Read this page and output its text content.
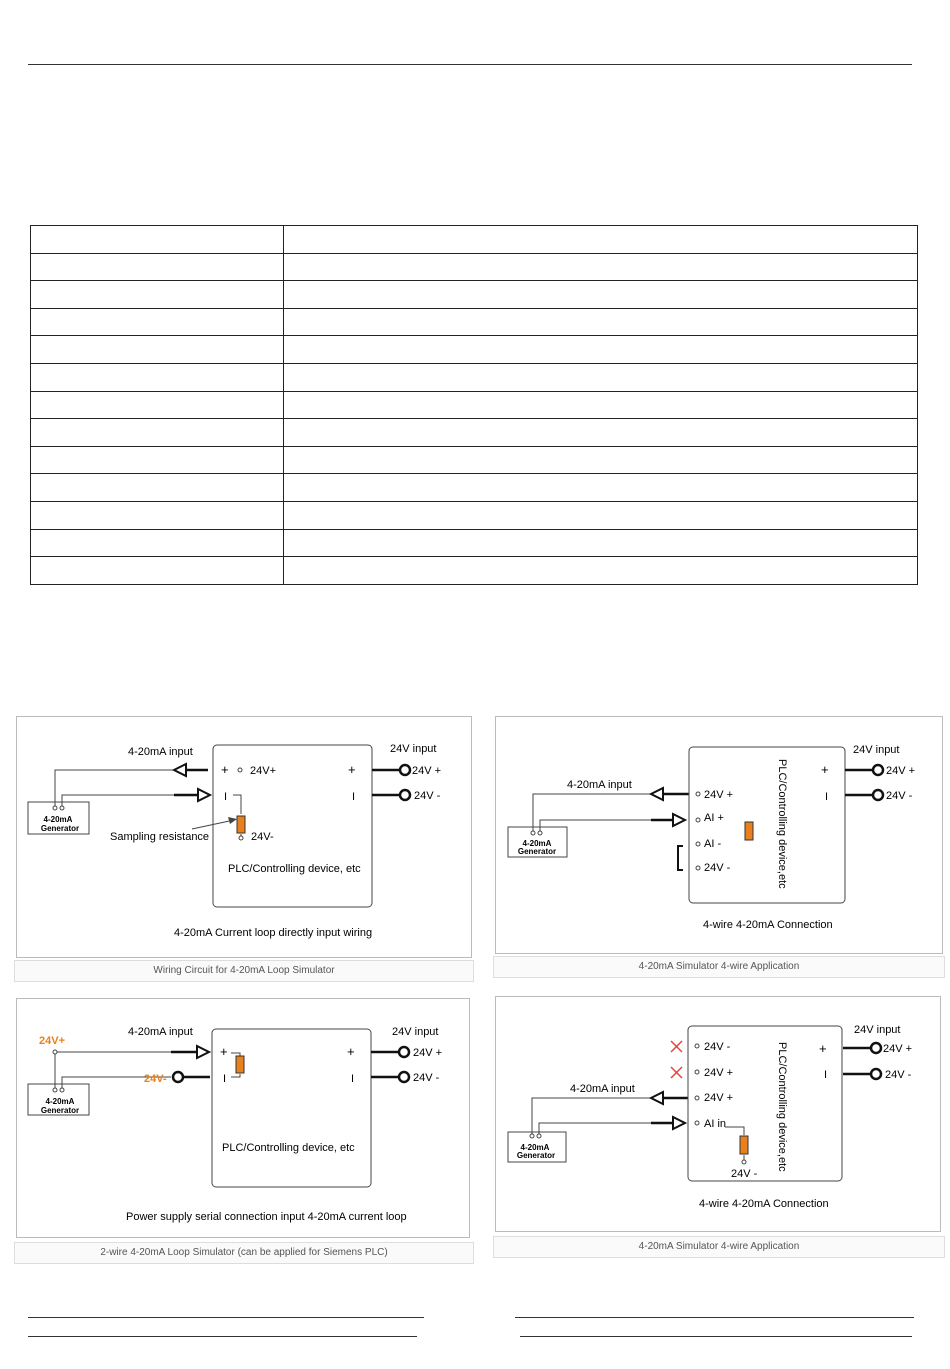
4-20mA
Generator
4-20mA input
+ 24V+
I
24V-
Sampling resistance
PLC/Controlling device, etc
+
I
24V input
24V +
24V -
4-20mA Current loop directly input wiring
Wiring Circuit for 4-20mA Loop Simulator
4-20mA
Generator
4-20mA input
24V +
AI +
AI -
24V -	PLC/Controlling device,etc	+
I
24V input
24V +
24V -
4-wire 4-20mA Connection
4-20mA Simulator 4-wire Application
4-20mA
Generator
24V+
24V-
4-20mA input
+
I
PLC/Controlling device, etc
+
I
24V input
24V +
24V -
Power supply serial connection input 4-20mA current loop
2-wire 4-20mA Loop Simulator (can be applied for Siemens PLC)
4-20mA
Generator
4-20mA input
24V -
24V +
24V +
AI in
24V -
PLC/Controlling device,etc +
I
24V input
24V +
24V -
4-wire 4-20mA Connection
4-20mA Simulator 4-wire Application
